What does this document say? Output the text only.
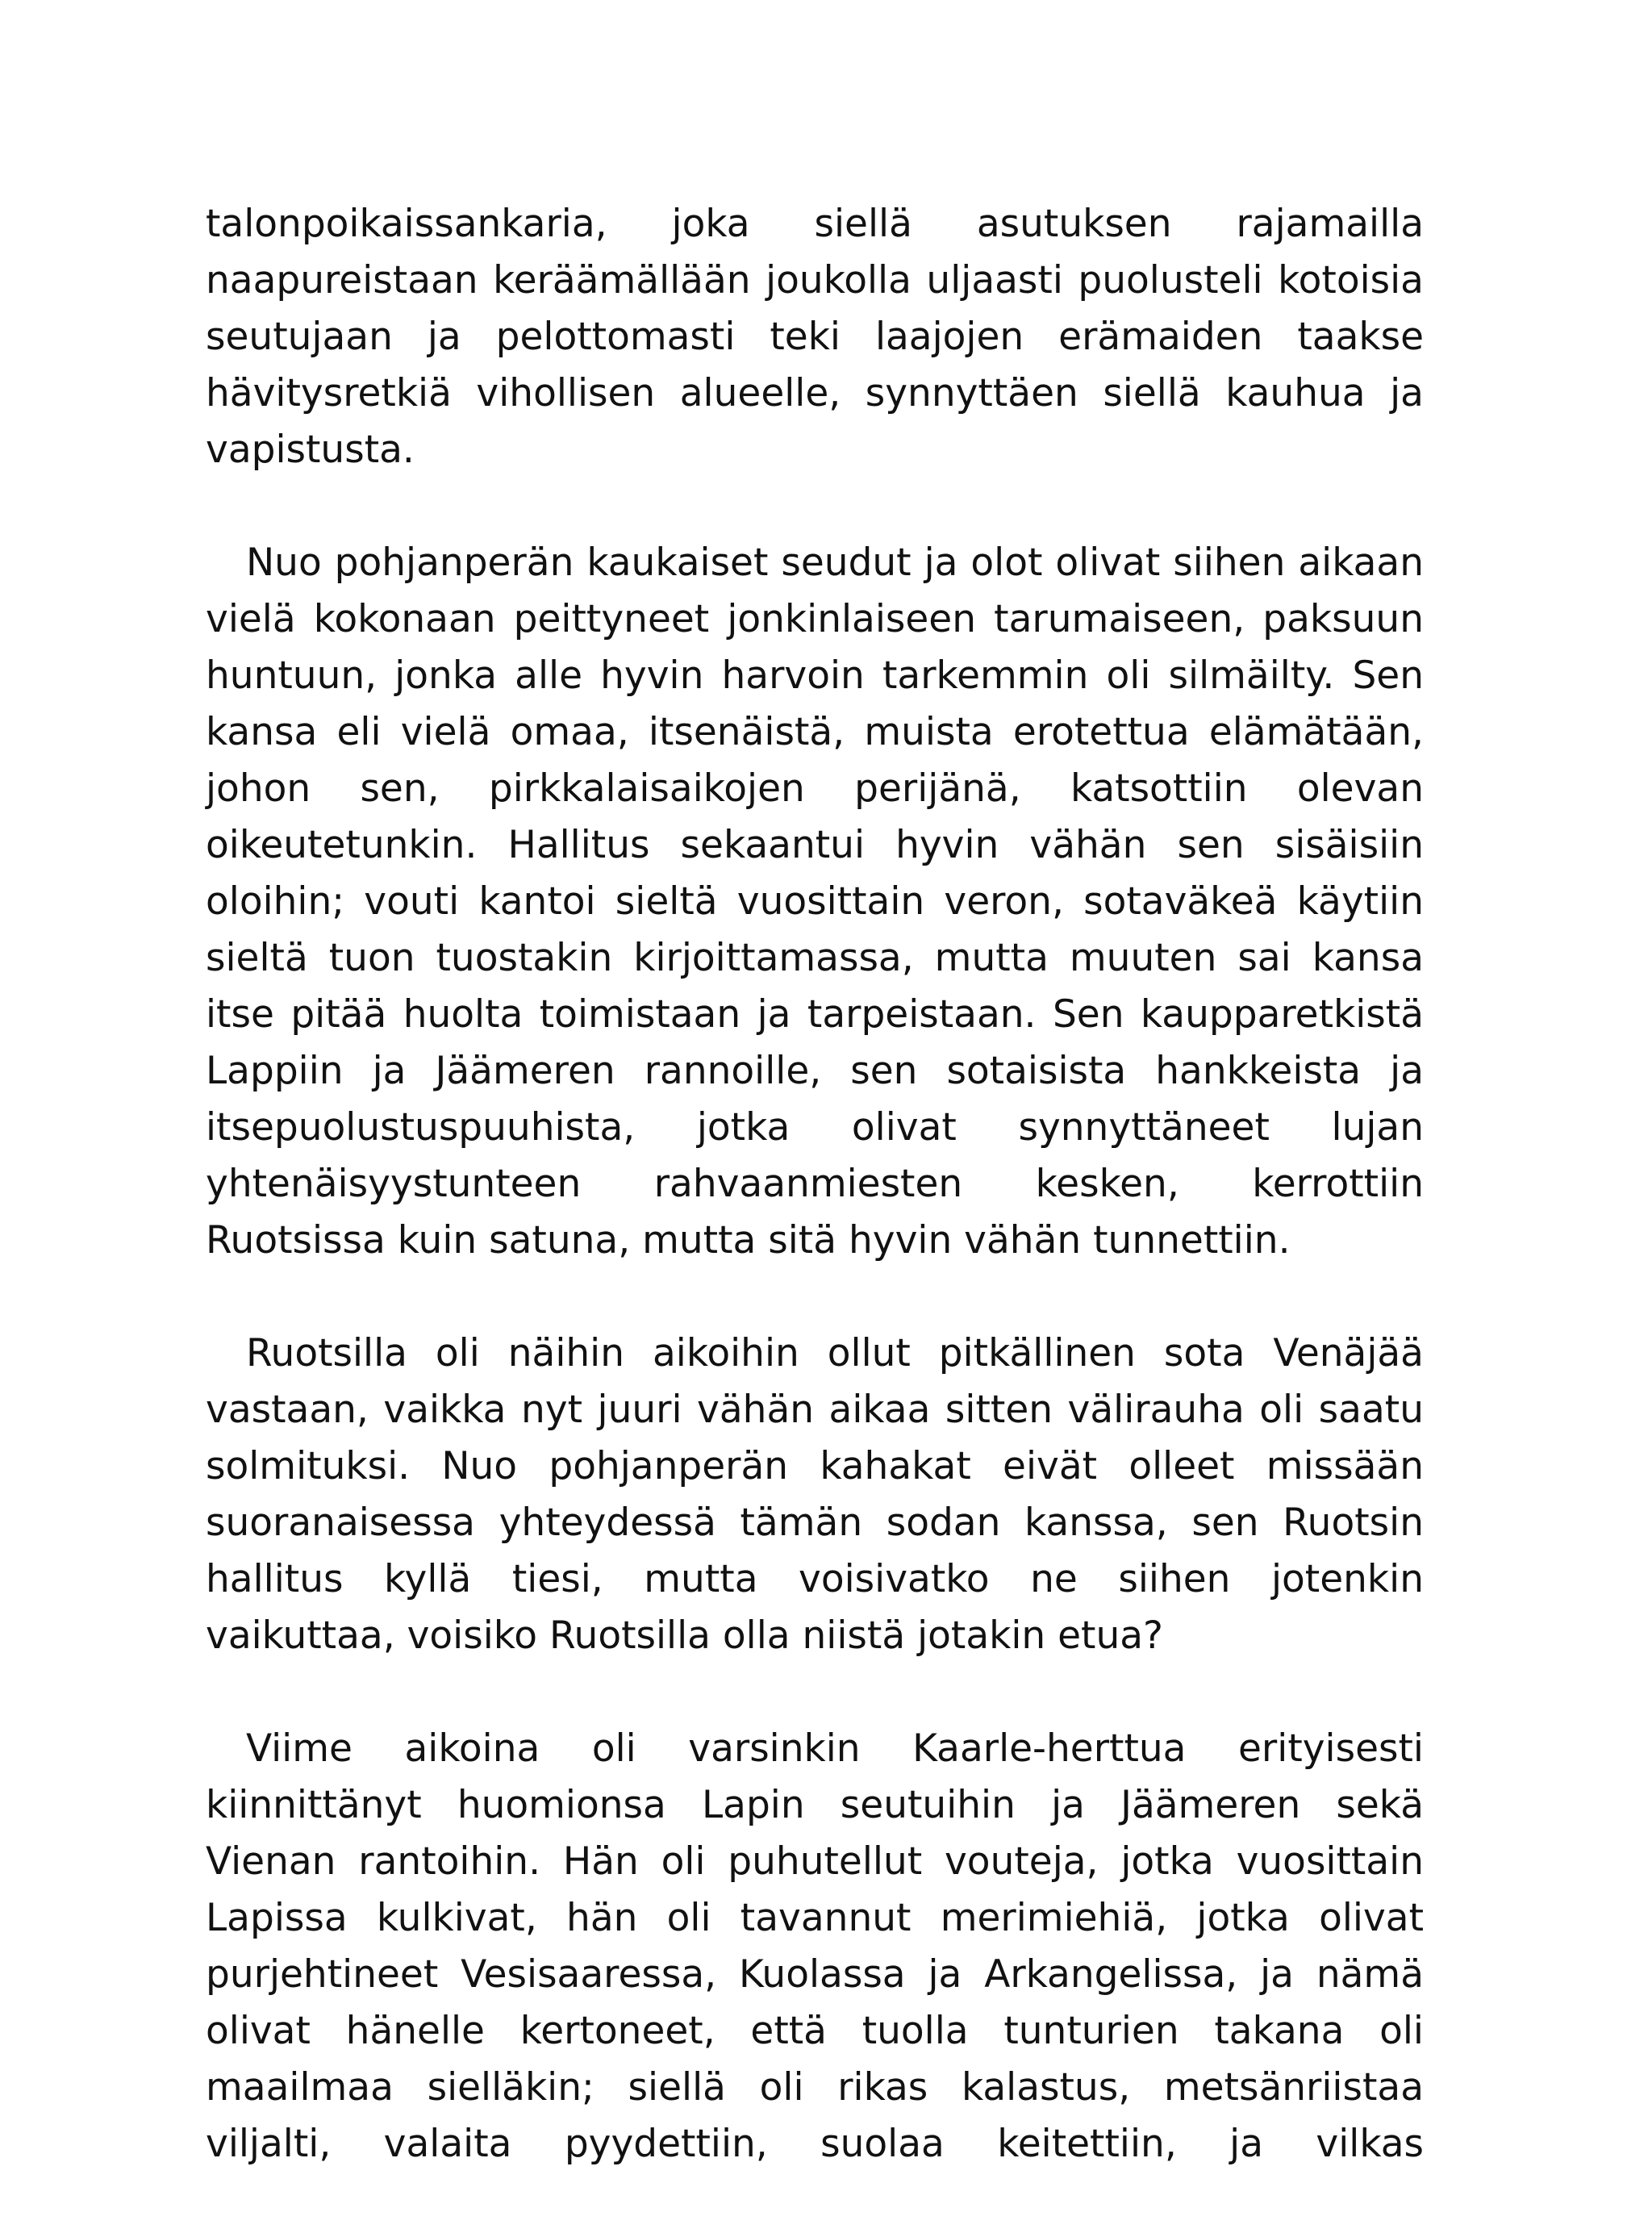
talonpoikaissankaria, joka siellä asutuksen rajamailla naapureistaan keräämällään joukolla uljaasti puolusteli kotoisia seutujaan ja pelottomasti teki laajojen erämaiden taakse hävitysretkiä vihollisen alueelle, synnyttäen siellä kauhua ja vapistusta.

Nuo pohjanperän kaukaiset seudut ja olot olivat siihen aikaan vielä kokonaan peittyneet jonkinlaiseen tarumaiseen, paksuun huntuun, jonka alle hyvin harvoin tarkemmin oli silmäilty. Sen kansa eli vielä omaa, itsenäistä, muista erotettua elämätään, johon sen, pirkkalaisaikojen perijänä, katsottiin olevan oikeutetunkin. Hallitus sekaantui hyvin vähän sen sisäisiin oloihin; vouti kantoi sieltä vuosittain veron, sotaväkeä käytiin sieltä tuon tuostakin kirjoittamassa, mutta muuten sai kansa itse pitää huolta toimistaan ja tarpeistaan. Sen kaupparetkistä Lappiin ja Jäämeren rannoille, sen sotaisista hankkeista ja itsepuolustuspuuhista, jotka olivat synnyttäneet lujan yhtenäisyystunteen rahvaanmiesten kesken, kerrottiin Ruotsissa kuin satuna, mutta sitä hyvin vähän tunnettiin.

Ruotsilla oli näihin aikoihin ollut pitkällinen sota Venäjää vastaan, vaikka nyt juuri vähän aikaa sitten välirauha oli saatu solmituksi. Nuo pohjanperän kahakat eivät olleet missään suoranaisessa yhteydessä tämän sodan kanssa, sen Ruotsin hallitus kyllä tiesi, mutta voisivatko ne siihen jotenkin vaikuttaa, voisiko Ruotsilla olla niistä jotakin etua?

Viime aikoina oli varsinkin Kaarle-herttua erityisesti kiinnittänyt huomionsa Lapin seutuihin ja Jäämeren sekä Vienan rantoihin. Hän oli puhutellut vouteja, jotka vuosittain Lapissa kulkivat, hän oli tavannut merimiehiä, jotka olivat purjehtineet Vesisaaressa, Kuolassa ja Arkangelissa, ja nämä olivat hänelle kertoneet, että tuolla tunturien takana oli maailmaa sielläkin; siellä oli rikas kalastus, metsänriistaa viljalti, valaita pyydettiin, suolaa keitettiin, ja vilkas
